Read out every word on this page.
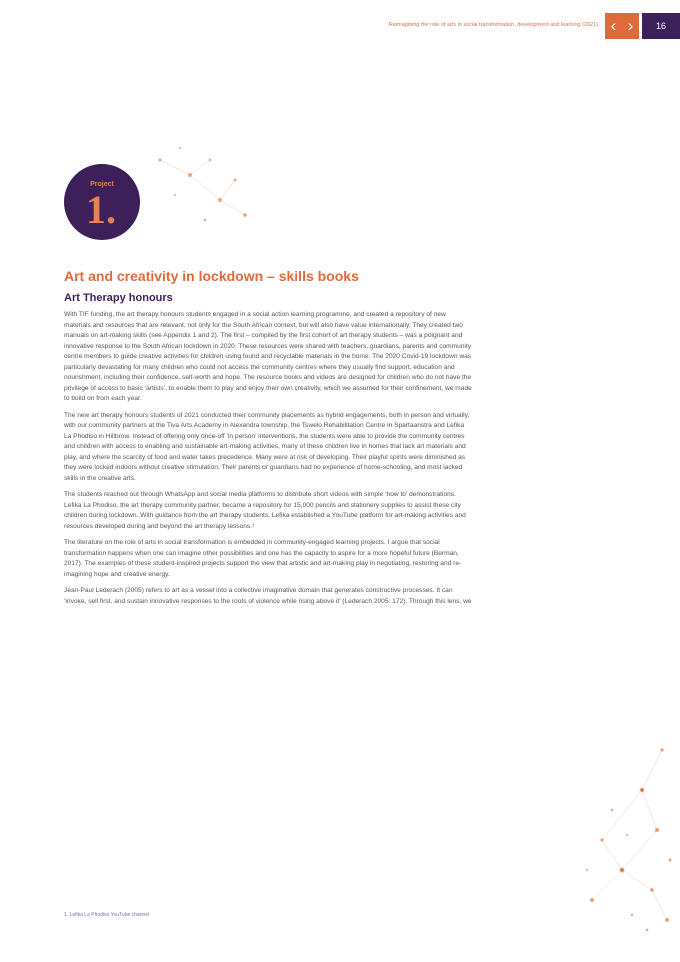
Reimagining the role of arts in social transformation, development and learning (2021) ‹ ›	16
Project
1.
Art and creativity in lockdown – skills books
Art Therapy honours

With TIF funding, the art therapy honours students engaged in a social action learning programme, and created a repository of new materials and resources that are relevant, not only for the South African context, but will also have value internationally. They created two manuals on art-making skills (see Appendix 1 and 2). The first – compiled by the first cohort of art therapy students – was a poignant and innovative response to the South African lockdown in 2020. These resources were shared with teachers, guardians, parents and community centre members to guide creative activities for children using found and recyclable materials in the home. The 2020 Covid-19 lockdown was particularly devastating for many children who could not access the community centres where they usually find support, education and nourishment, including their confidence, self-worth and hope. The resource books and videos are designed for children who do not have the privilege of access to basic ‘artists’, to enable them to play and enjoy their own creativity, which we assumed for their confinement, we made to build on from each year.

The new art therapy honours students of 2021 conducted their community placements as hybrid engagements, both in person and virtually, with our community partners at the Tiva Arts Academy in Alexandra township, the Tswelo Rehabilitation Centre in Spartaanstra and Lefika La Phodiso in Hillbrow. Instead of offering only once-off ‘in person’ interventions, the students were able to provide the community centres and children with access to enabling and sustainable art-making activities, many of these children live in homes that lack art materials and play, and where the scarcity of food and water takes precedence. Many were at risk of developing. Their playful spirits were diminished as they were locked indoors without creative stimulation. Their parents or guardians had no experience of home-schooling, and most lacked skills in the creative arts.

The students reached out through WhatsApp and social media platforms to distribute short videos with simple ‘how to’ demonstrations. Lefika La Phodiso, the art therapy community partner, became a repository for 15,000 pencils and stationery supplies to assist these city children during lockdown. With guidance from the art therapy students, Lefika established a YouTube platform for art-making activities and resources developed during and beyond the art therapy lessons.¹

The literature on the role of arts in social transformation is embedded in community-engaged learning projects. I argue that social transformation happens when one can imagine other possibilities and one has the capacity to aspire for a more hopeful future (Berman, 2017). The examples of these student-inspired projects support the view that artistic and art-making play in negotiating, restoring and re-imagining hope and creative energy.

Jean-Paul Lederach (2005) refers to art as a vessel into a collective imaginative domain that generates constructive processes. It can ‘invoke, sell first, and sustain innovative responses to the roots of violence while rising above it’ (Lederach 2005: 172). Through this lens, we

1. Lefika La Phodiso YouTube channel
